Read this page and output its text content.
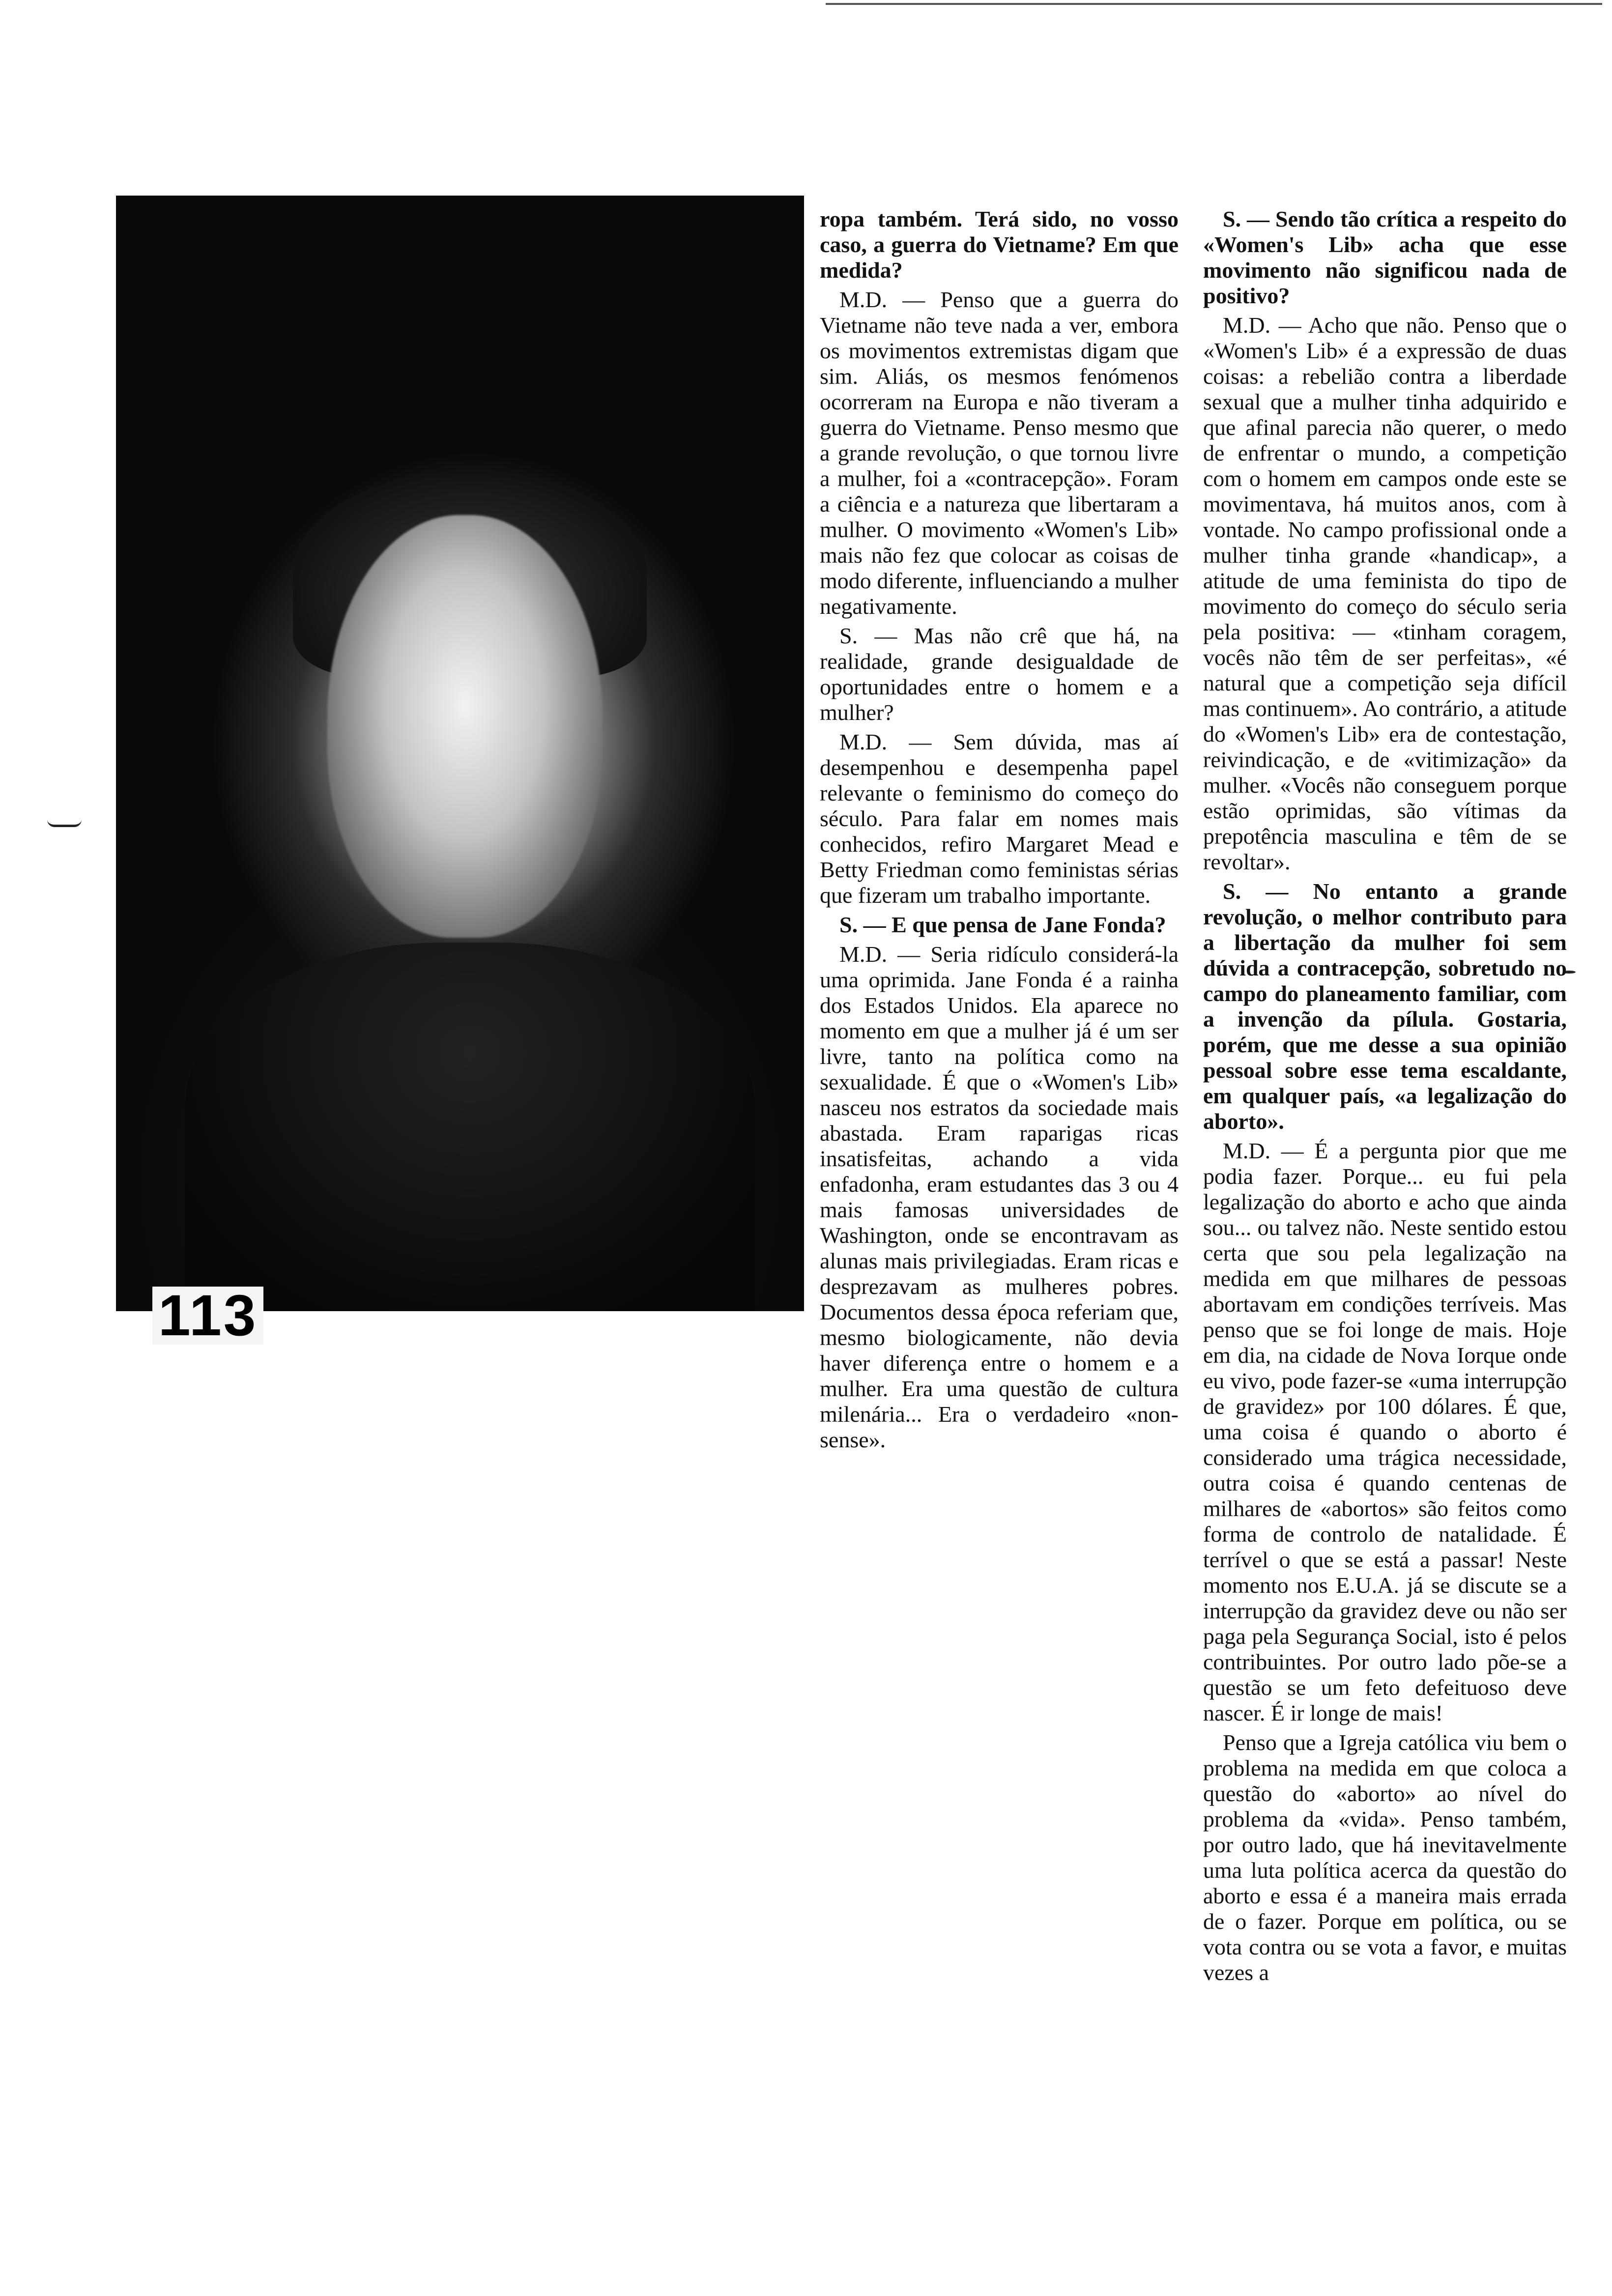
113

ropa também. Terá sido, no vosso caso, a guerra do Vietname? Em que medida?

M.D. — Penso que a guerra do Vietname não teve nada a ver, embora os movimentos extremistas digam que sim. Aliás, os mesmos fenómenos ocorreram na Europa e não tiveram a guerra do Vietname. Penso mesmo que a grande revolução, o que tornou livre a mulher, foi a «contracepção». Foram a ciência e a natureza que libertaram a mulher. O movimento «Women's Lib» mais não fez que colocar as coisas de modo diferente, influenciando a mulher negativamente.

S. — Mas não crê que há, na realidade, grande desigualdade de oportunidades entre o homem e a mulher?

M.D. — Sem dúvida, mas aí desempenhou e desempenha papel relevante o feminismo do começo do século. Para falar em nomes mais conhecidos, refiro Margaret Mead e Betty Friedman como feministas sérias que fizeram um trabalho importante.

S. — E que pensa de Jane Fonda?

M.D. — Seria ridículo considerá-la uma oprimida. Jane Fonda é a rainha dos Estados Unidos. Ela aparece no momento em que a mulher já é um ser livre, tanto na política como na sexualidade. É que o «Women's Lib» nasceu nos estratos da sociedade mais abastada. Eram raparigas ricas insatisfeitas, achando a vida enfadonha, eram estudantes das 3 ou 4 mais famosas universidades de Washington, onde se encontravam as alunas mais privilegiadas. Eram ricas e desprezavam as mulheres pobres. Documentos dessa época referiam que, mesmo biologicamente, não devia haver diferença entre o homem e a mulher. Era uma questão de cultura milenária... Era o verdadeiro «non-sense».

S. — Sendo tão crítica a respeito do «Women's Lib» acha que esse movimento não significou nada de positivo?

M.D. — Acho que não. Penso que o «Women's Lib» é a expressão de duas coisas: a rebelião contra a liberdade sexual que a mulher tinha adquirido e que afinal parecia não querer, o medo de enfrentar o mundo, a competição com o homem em campos onde este se movimentava, há muitos anos, com à vontade. No campo profissional onde a mulher tinha grande «handicap», a atitude de uma feminista do tipo de movimento do começo do século seria pela positiva: — «tinham coragem, vocês não têm de ser perfeitas», «é natural que a competição seja difícil mas continuem». Ao contrário, a atitude do «Women's Lib» era de contestação, reivindicação, e de «vitimização» da mulher. «Vocês não conseguem porque estão oprimidas, são vítimas da prepotência masculina e têm de se revoltar».

S. — No entanto a grande revolução, o melhor contributo para a libertação da mulher foi sem dúvida a contracepção, sobretudo no campo do planeamento familiar, com a invenção da pílula. Gostaria, porém, que me desse a sua opinião pessoal sobre esse tema escaldante, em qualquer país, «a legalização do aborto».

M.D. — É a pergunta pior que me podia fazer. Porque... eu fui pela legalização do aborto e acho que ainda sou... ou talvez não. Neste sentido estou certa que sou pela legalização na medida em que milhares de pessoas abortavam em condições terríveis. Mas penso que se foi longe de mais. Hoje em dia, na cidade de Nova Iorque onde eu vivo, pode fazer-se «uma interrupção de gravidez» por 100 dólares. É que, uma coisa é quando o aborto é considerado uma trágica necessidade, outra coisa é quando centenas de milhares de «abortos» são feitos como forma de controlo de natalidade. É terrível o que se está a passar! Neste momento nos E.U.A. já se discute se a interrupção da gravidez deve ou não ser paga pela Segurança Social, isto é pelos contribuintes. Por outro lado põe-se a questão se um feto defeituoso deve nascer. É ir longe de mais!

Penso que a Igreja católica viu bem o problema na medida em que coloca a questão do «aborto» ao nível do problema da «vida». Penso também, por outro lado, que há inevitavelmente uma luta política acerca da questão do aborto e essa é a maneira mais errada de o fazer. Porque em política, ou se vota contra ou se vota a favor, e muitas vezes a
